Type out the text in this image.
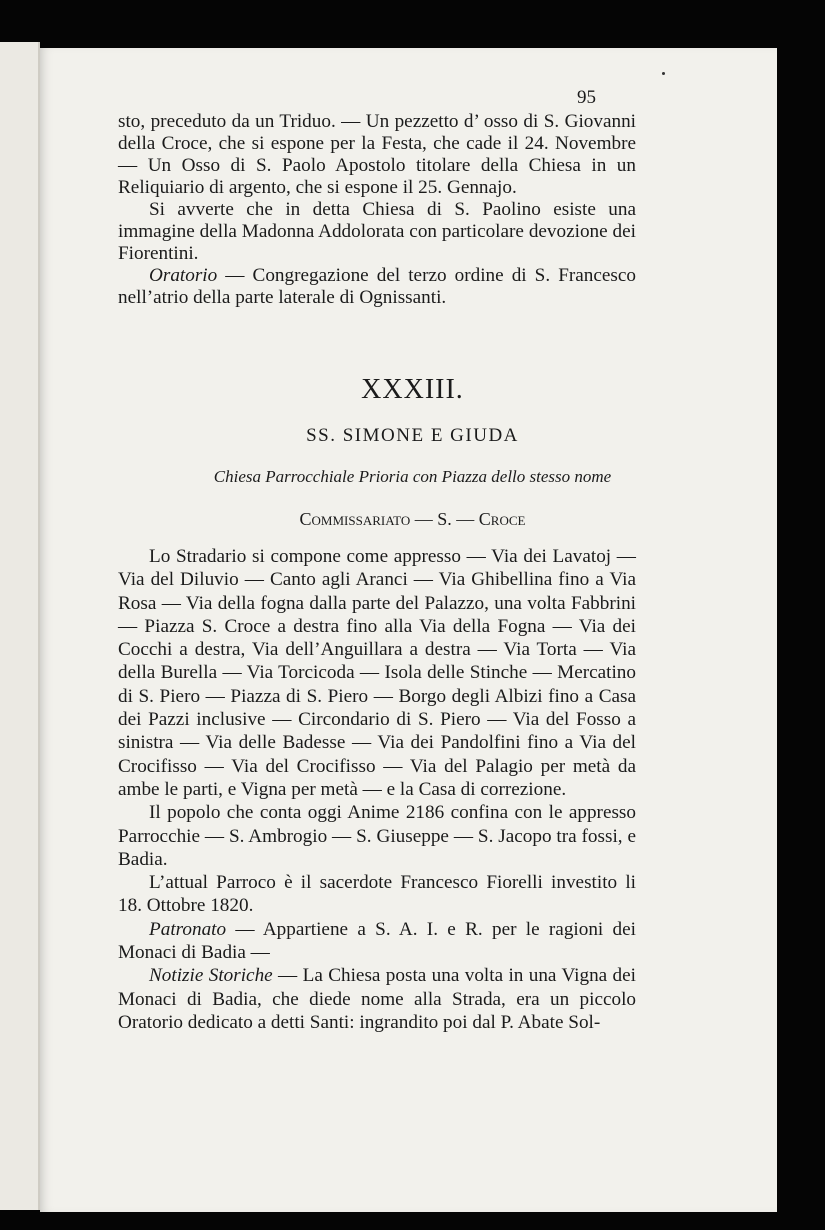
95

sto, preceduto da un Triduo. — Un pezzetto d’ osso di S. Giovanni della Croce, che si espone per la Festa, che cade il 24. Novembre — Un Osso di S. Paolo Apostolo titolare della Chiesa in un Reliquiario di argento, che si espone il 25. Gennajo.

Si avverte che in detta Chiesa di S. Paolino esiste una immagine della Madonna Addolorata con particolare devozione dei Fiorentini.

Oratorio — Congregazione del terzo ordine di S. Francesco nell’atrio della parte laterale di Ognissanti.

XXXIII.
SS. SIMONE E GIUDA
Chiesa Parrocchiale Prioria con Piazza dello stesso nome
Commissariato — S. — Croce

Lo Stradario si compone come appresso — Via dei Lavatoj — Via del Diluvio — Canto agli Aranci — Via Ghibellina fino a Via Rosa — Via della fogna dalla parte del Palazzo, una volta Fabbrini — Piazza S. Croce a destra fino alla Via della Fogna — Via dei Cocchi a destra, Via dell’Anguillara a destra — Via Torta — Via della Burella — Via Torcicoda — Isola delle Stinche — Mercatino di S. Piero — Piazza di S. Piero — Borgo degli Albizi fino a Casa dei Pazzi inclusive — Circondario di S. Piero — Via del Fosso a sinistra — Via delle Badesse — Via dei Pandolfini fino a Via del Crocifisso — Via del Crocifisso — Via del Palagio per metà da ambe le parti, e Vigna per metà — e la Casa di correzione.

Il popolo che conta oggi Anime 2186 confina con le appresso Parrocchie — S. Ambrogio — S. Giuseppe — S. Jacopo tra fossi, e Badia.

L’attual Parroco è il sacerdote Francesco Fiorelli investito li 18. Ottobre 1820.

Patronato — Appartiene a S. A. I. e R. per le ragioni dei Monaci di Badia —

Notizie Storiche — La Chiesa posta una volta in una Vigna dei Monaci di Badia, che diede nome alla Strada, era un piccolo Oratorio dedicato a detti Santi: ingrandito poi dal P. Abate Sol-
